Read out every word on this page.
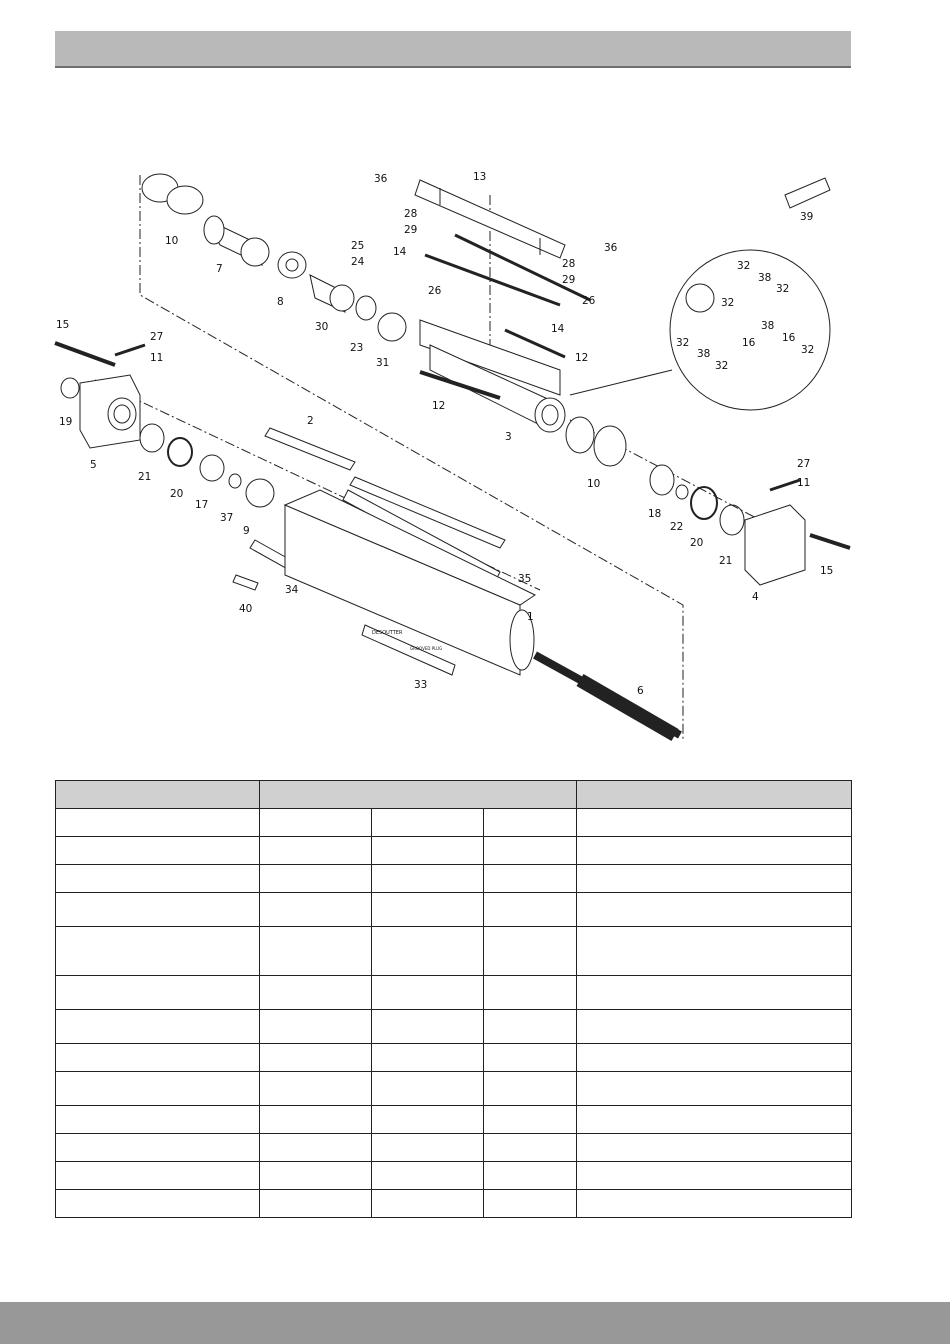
1
2
3
4
5
6
7
8
9
10
10
11
11
12
12
13
14
14
15
15
16	16
17
18
19
20
20
21
21
22
23
24
25
26
26
27
27
28
28
29
29
30
31
32
32
32
32
32
32
33
34
35
36
36
37
38
38
38
39
40
DESOUTTER
GROOVED PLUG
